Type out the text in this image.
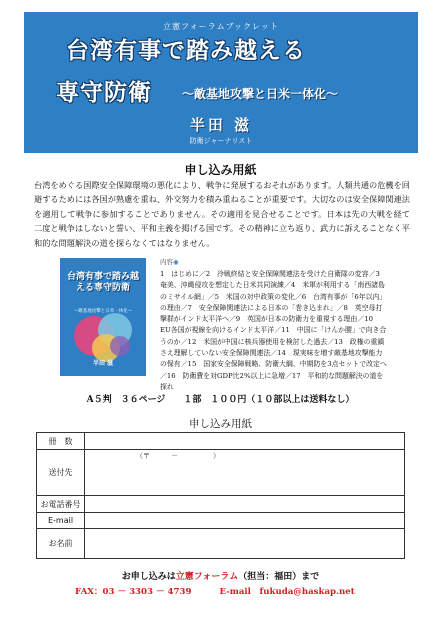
立憲フォーラムブックレット
台湾有事で踏み越える
専守防衛	〜敵基地攻撃と日米一体化〜
半田 滋
防衛ジャーナリスト
申し込み用紙
台湾をめぐる国際安全保障環境の悪化により、戦争に発展するおそれがあります。人類共通の危機を回避するためには各国が熟慮を重ね、外交努力を積み重ねることが重要です。大切なのは安全保障関連法を適用して戦争に参加することでありません。その適用を見合せることです。日本は先の大戦を経て二度と戦争はしないと誓い、平和主義を掲げる国です。その精神に立ち返り、武力に訴えることなく平和的な問題解決の道を探らなくてはなりません。
台湾有事で踏み越える専守防衛
〜敵基地攻撃と日米一体化〜
半田 滋
内容◉
1　はじめに／2　冷戦終結と安全保障関連法を受けた自衛隊の変容／3　奄美、沖縄侵攻を想定した日米共同演練／4　米軍が利用する「南西諸島のミサイル網」／5　米国の対中政策の変化／6　台湾有事が「6年以内」の理由／7　安全保障関連法による日本の「巻き込まれ」／8　英空母打撃群がインド太平洋へ／9　英国が日本の防衛力を重視する理由／10　EU各国が視線を向けるインド太平洋／11　中国に「けんか腰」で向き合うのか／12　米国が中国に核兵器使用を検討した過去／13　政権の重鎮さえ理解していない安全保障関連法／14　現実味を増す敵基地攻撃能力の保有／15　国家安全保障戦略、防衛大綱、中期防を3点セットで改定へ／16　防衛費を対GDP比2%以上に急増／17　平和的な問題解決の道を探れ
A５判　３６ページ　　１部　１００円（１０部以上は送料なし）
申し込み用紙
冊　数	
送付先	（〒　　　－　　　　　）

お電話番号	
E-mail	
お名前	
お申し込みは立憲フォーラム（担当：福田）まで
FAX：03 － 3303 － 4739	E-mail　fukuda@haskap.net
